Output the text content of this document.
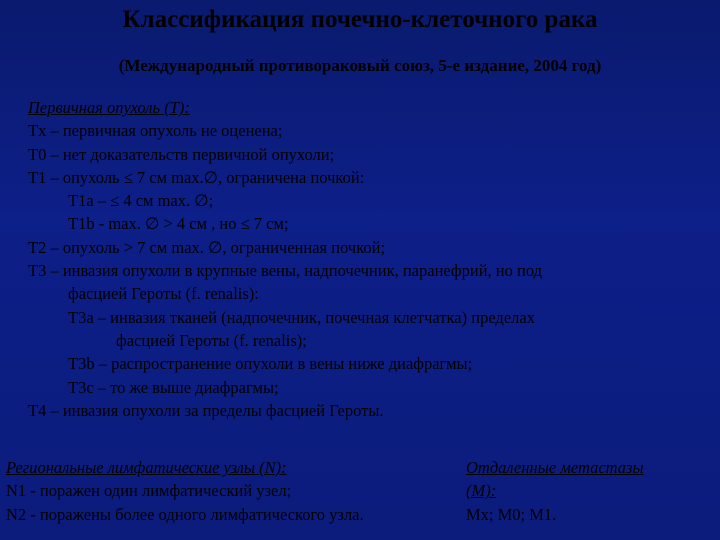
Классификация почечно-клеточного рака
(Международный противораковый союз, 5-е издание, 2004 год)
Первичная опухоль (T):
Tx – первичная опухоль не оценена;
T0 – нет доказательств первичной опухоли;
T1 – опухоль ≤ 7 см max.∅, ограничена почкой:
T1a – ≤ 4 см max. ∅;
T1b - max. ∅ > 4 см , но ≤ 7 см;
T2 – опухоль > 7 см max. ∅, ограниченная почкой;
T3 – инвазия опухоли в крупные вены, надпочечник, паранефрий, но под
фасцией Героты (f. renalis):
T3a – инвазия тканей (надпочечник, почечная клетчатка) пределах
фасцией Героты (f. renalis);
T3b – распространение опухоли в вены ниже диафрагмы;
T3c – то же выше диафрагмы;
T4 – инвазия опухоли за пределы фасцией Героты.
Региональные лимфатические узлы (N):
N1 - поражен один лимфатический узел;
N2 - поражены более одного лимфатического узла.
Отдаленные метастазы
(M):
Mx; M0; M1.
